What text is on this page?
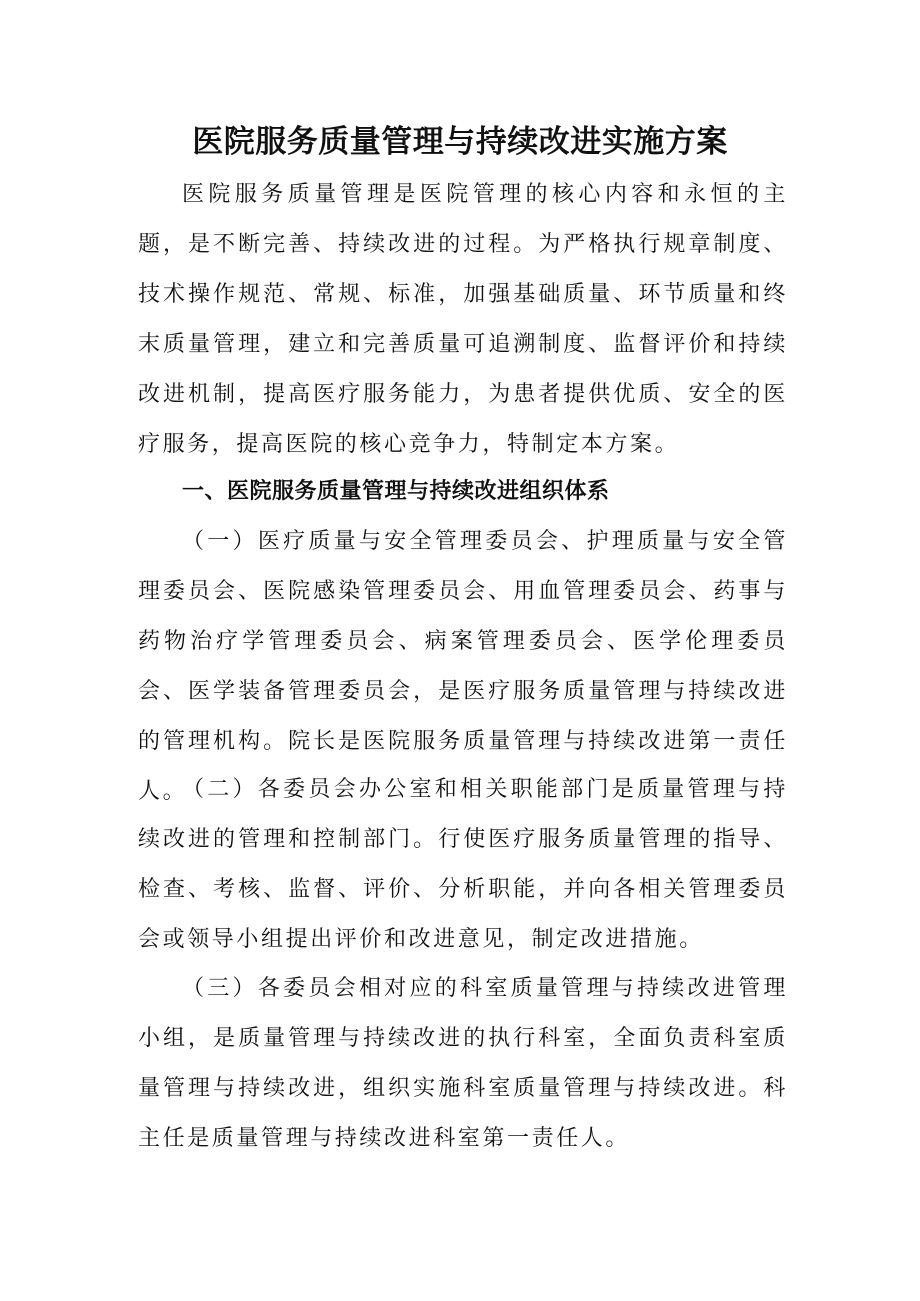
医院服务质量管理与持续改进实施方案

医院服务质量管理是医院管理的核心内容和永恒的主题，是不断完善、持续改进的过程。为严格执行规章制度、技术操作规范、常规、标准，加强基础质量、环节质量和终末质量管理，建立和完善质量可追溯制度、监督评价和持续改进机制，提高医疗服务能力，为患者提供优质、安全的医疗服务，提高医院的核心竞争力，特制定本方案。

一、医院服务质量管理与持续改进组织体系

（一）医疗质量与安全管理委员会、护理质量与安全管理委员会、医院感染管理委员会、用血管理委员会、药事与药物治疗学管理委员会、病案管理委员会、医学伦理委员会、医学装备管理委员会，是医疗服务质量管理与持续改进的管理机构。院长是医院服务质量管理与持续改进第一责任人。

（二）各委员会办公室和相关职能部门是质量管理与持续改进的管理和控制部门。行使医疗服务质量管理的指导、检查、考核、监督、评价、分析职能，并向各相关管理委员会或领导小组提出评价和改进意见，制定改进措施。

（三）各委员会相对应的科室质量管理与持续改进管理小组，是质量管理与持续改进的执行科室，全面负责科室质量管理与持续改进，组织实施科室质量管理与持续改进。科主任是质量管理与持续改进科室第一责任人。
